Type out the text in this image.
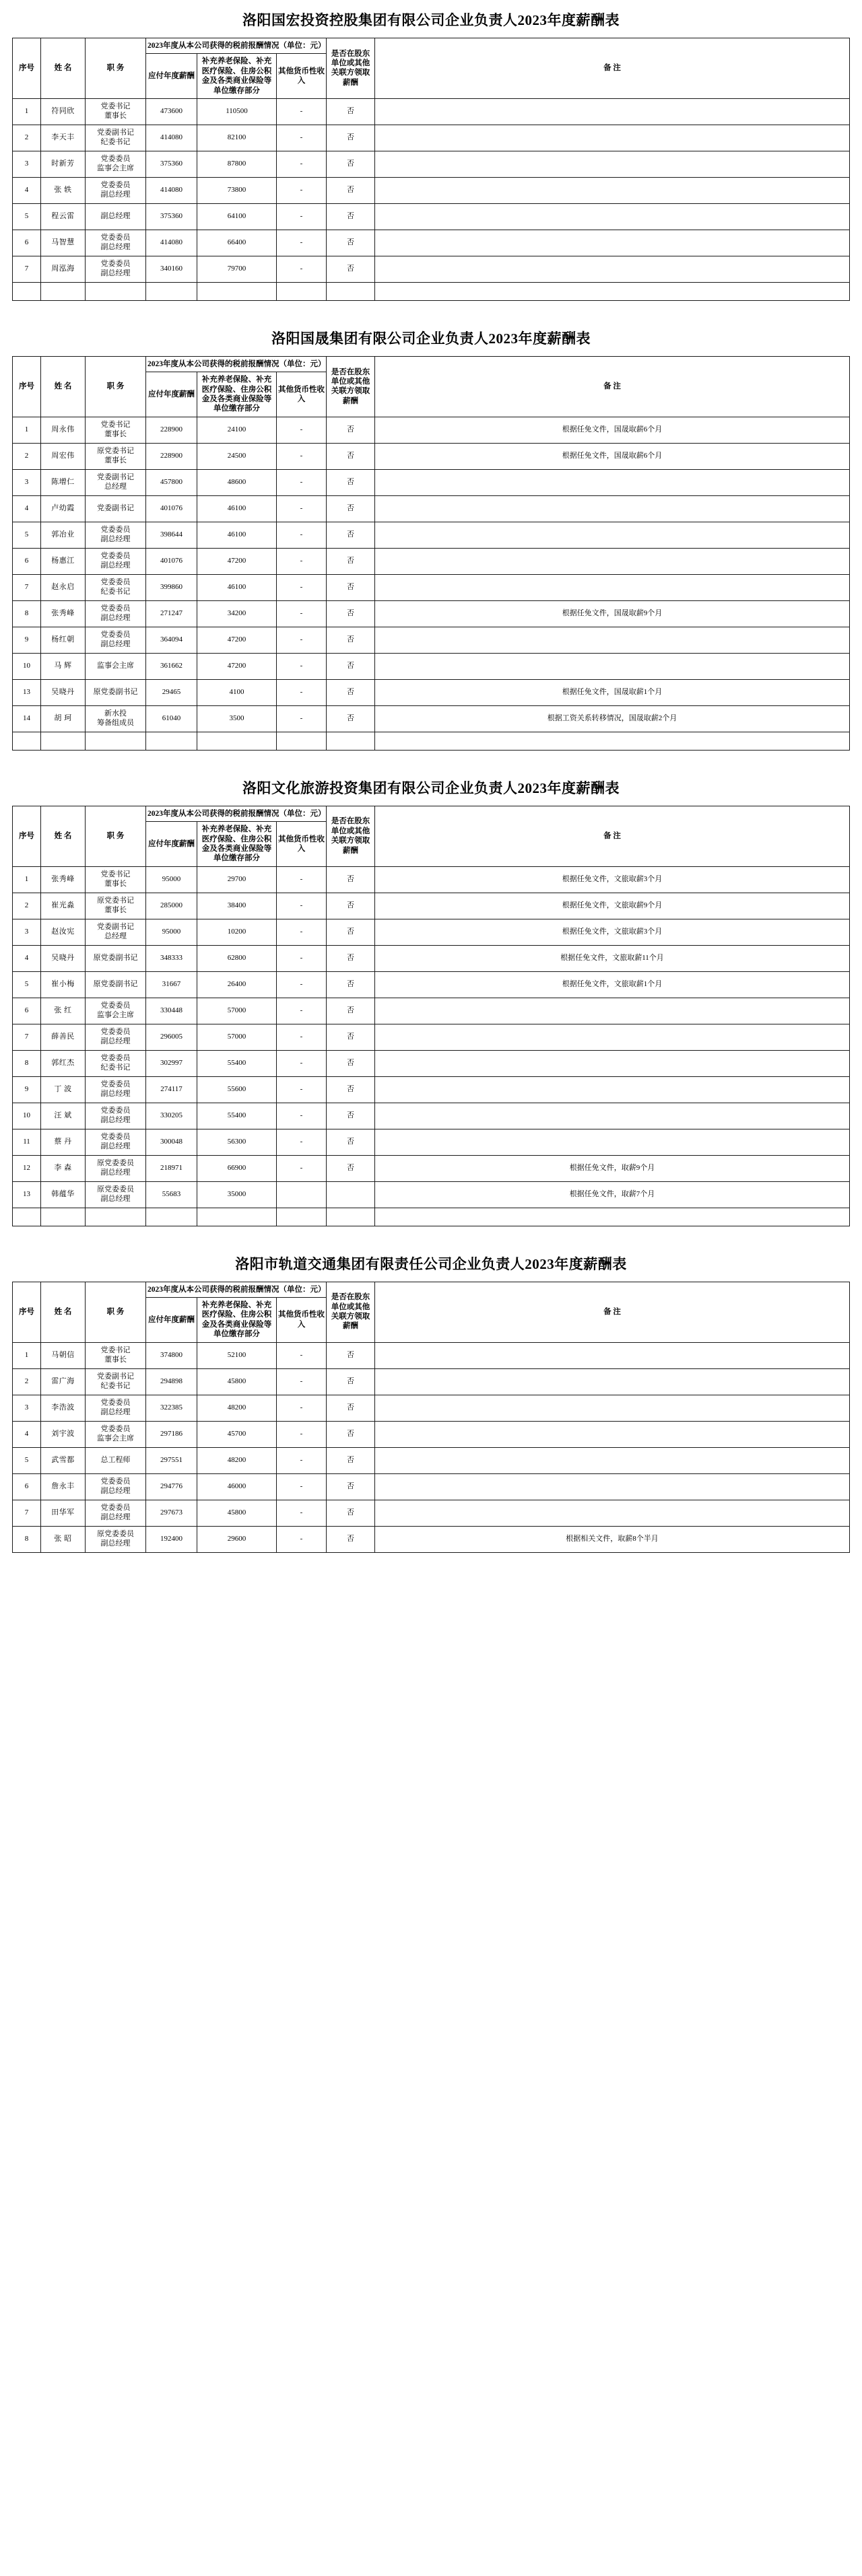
洛阳国宏投资控股集团有限公司企业负责人2023年度薪酬表
序号	姓 名	职 务	2023年度从本公司获得的税前报酬情况（单位：元）			是否在股东单位或其他关联方领取薪酬	备 注
			应付年度薪酬	补充养老保险、补充医疗保险、住房公积金及各类商业保险等单位缴存部分	其他货币性收入		
1	符同欣	党委书记
董事长	473600	110500	-	否	
2	李天丰	党委副书记
纪委书记	414080	82100	-	否	
3	时新芳	党委委员
监事会主席	375360	87800	-	否	
4	张 轶	党委委员
副总经理	414080	73800	-	否	
5	程云雷	副总经理	375360	64100	-	否	
6	马智慧	党委委员
副总经理	414080	66400	-	否	
7	周泓海	党委委员
副总经理	340160	79700	-	否	

洛阳国晟集团有限公司企业负责人2023年度薪酬表
序号	姓 名	职 务	2023年度从本公司获得的税前报酬情况（单位：元）			是否在股东单位或其他关联方领取薪酬	备 注
			应付年度薪酬	补充养老保险、补充医疗保险、住房公积金及各类商业保险等单位缴存部分	其他货币性收入		
1	周永伟	党委书记
董事长	228900	24100	-	否	根据任免文件，国晟取薪6个月
2	周宏伟	原党委书记
董事长	228900	24500	-	否	根据任免文件，国晟取薪6个月
3	陈增仁	党委副书记
总经理	457800	48600	-	否	
4	卢幼霞	党委副书记	401076	46100	-	否	
5	郭冶业	党委委员
副总经理	398644	46100	-	否	
6	杨惠江	党委委员
副总经理	401076	47200	-	否	
7	赵永启	党委委员
纪委书记	399860	46100	-	否	
8	张秀峰	党委委员
副总经理	271247	34200	-	否	根据任免文件，国晟取薪9个月
9	杨红朝	党委委员
副总经理	364094	47200	-	否	
10	马 辉	监事会主席	361662	47200	-	否	
13	吴晓丹	原党委副书记	29465	4100	-	否	根据任免文件，国晟取薪1个月
14	胡 珂	新水投
筹备组成员	61040	3500	-	否	根据工资关系转移情况，国晟取薪2个月

洛阳文化旅游投资集团有限公司企业负责人2023年度薪酬表
序号	姓 名	职 务	2023年度从本公司获得的税前报酬情况（单位：元）			是否在股东单位或其他关联方领取薪酬	备 注
			应付年度薪酬	补充养老保险、补充医疗保险、住房公积金及各类商业保险等单位缴存部分	其他货币性收入		
1	张秀峰	党委书记
董事长	95000	29700	-	否	根据任免文件，文旅取薪3个月
2	崔光淼	原党委书记
董事长	285000	38400	-	否	根据任免文件，文旅取薪9个月
3	赵汝宪	党委副书记
总经理	95000	10200	-	否	根据任免文件，文旅取薪3个月
4	吴晓丹	原党委副书记	348333	62800	-	否	根据任免文件，文旅取薪11个月
5	崔小梅	原党委副书记	31667	26400	-	否	根据任免文件，文旅取薪1个月
6	张 红	党委委员
监事会主席	330448	57000	-	否	
7	薛善民	党委委员
副总经理	296005	57000	-	否	
8	郭红杰	党委委员
纪委书记	302997	55400	-	否	
9	丁 波	党委委员
副总经理	274117	55600	-	否	
10	汪 斌	党委委员
副总经理	330205	55400	-	否	
11	蔡 丹	党委委员
副总经理	300048	56300	-	否	
12	李 森	原党委委员
副总经理	218971	66900	-	否	根据任免文件，取薪9个月
13	韩蕴华	原党委委员
副总经理	55683	35000			根据任免文件，取薪7个月

洛阳市轨道交通集团有限责任公司企业负责人2023年度薪酬表
序号	姓 名	职 务	2023年度从本公司获得的税前报酬情况（单位：元）			是否在股东单位或其他关联方领取薪酬	备 注
			应付年度薪酬	补充养老保险、补充医疗保险、住房公积金及各类商业保险等单位缴存部分	其他货币性收入		
1	马朝信	党委书记
董事长	374800	52100	-	否	
2	雷广海	党委副书记
纪委书记	294898	45800	-	否	
3	李浩波	党委委员
副总经理	322385	48200	-	否	
4	刘宇波	党委委员
监事会主席	297186	45700	-	否	
5	武雪都	总工程师	297551	48200	-	否	
6	詹永丰	党委委员
副总经理	294776	46000	-	否	
7	田华军	党委委员
副总经理	297673	45800	-	否	
8	张 昭	原党委委员
副总经理	192400	29600	-	否	根据相关文件，取薪8个半月
